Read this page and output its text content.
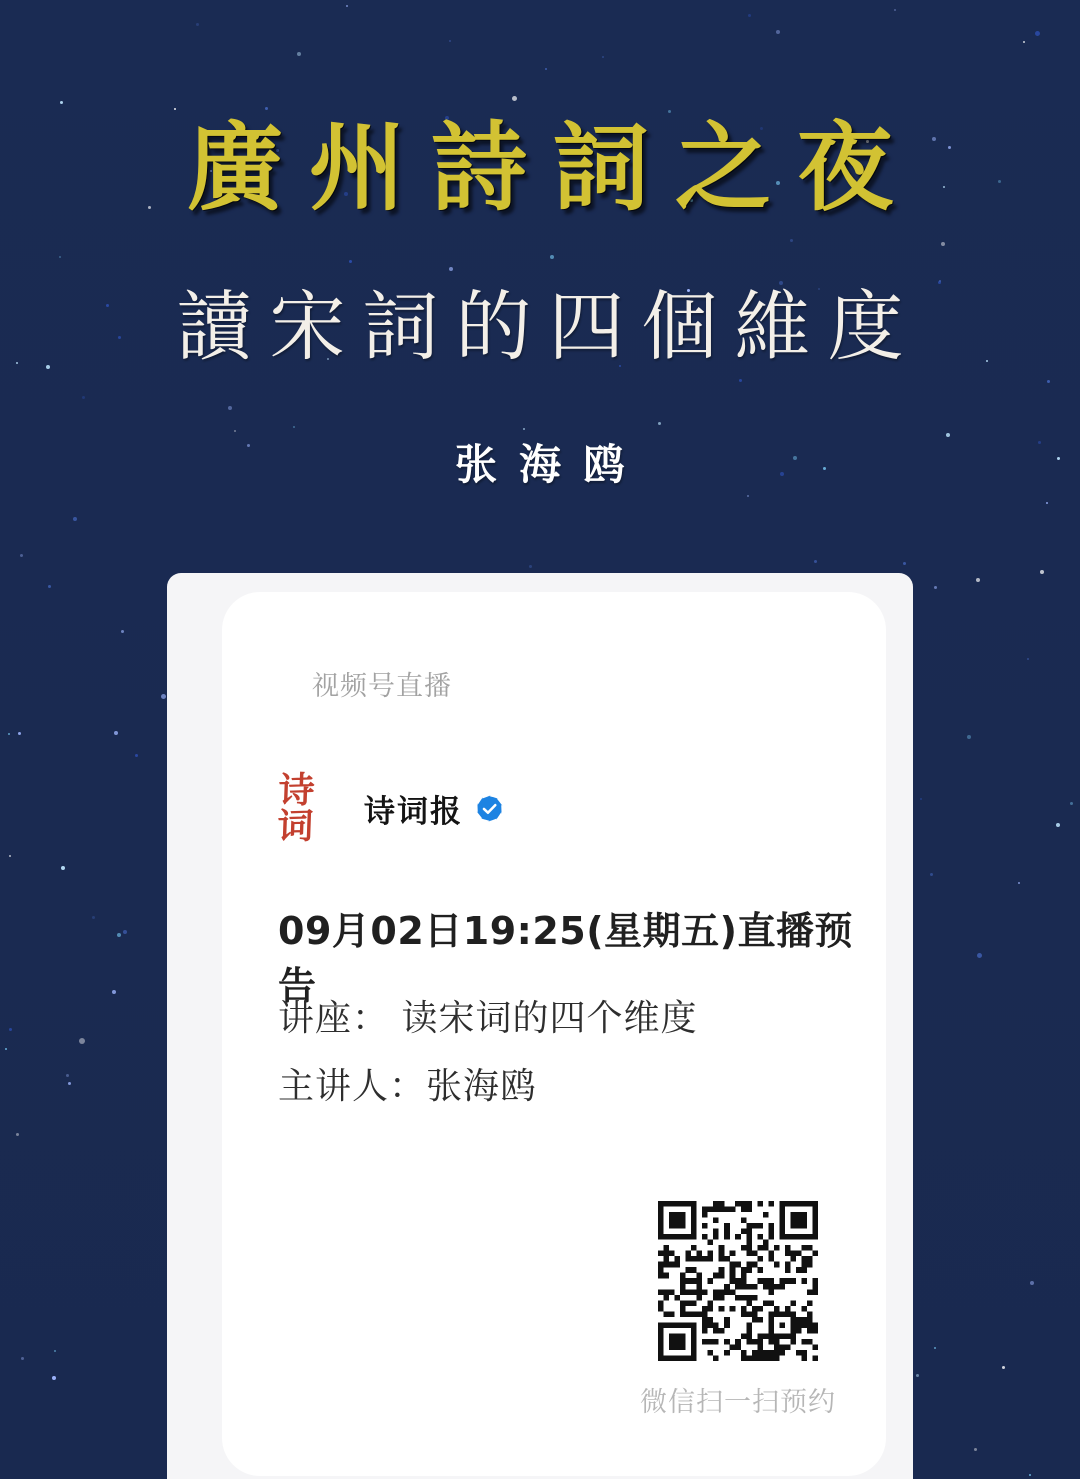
廣州詩詞之夜
讀宋詞的四個維度
张海鸥
视频号直播
诗词	诗词报
09月02日19:25(星期五)直播预告
讲座： 读宋词的四个维度
主讲人：张海鸥
微信扫一扫预约
